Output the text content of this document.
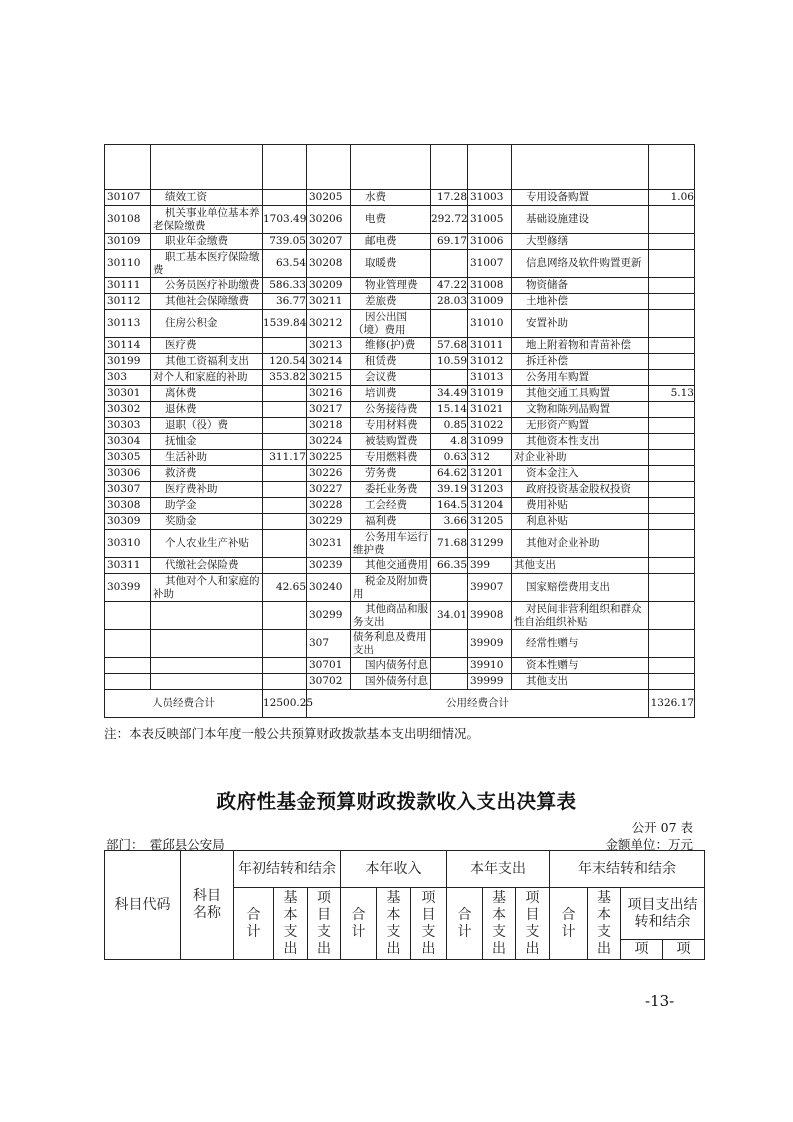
30107	绩效工资		30205	水费	17.28	31003	专用设备购置	1.06
30108	机关事业单位基本养老保险缴费	1703.49	30206	电费	292.72	31005	基础设施建设	
30109	职业年金缴费	739.05	30207	邮电费	69.17	31006	大型修缮	
30110	职工基本医疗保险缴费	63.54	30208	取暖费		31007	信息网络及软件购置更新	
30111	公务员医疗补助缴费	586.33	30209	物业管理费	47.22	31008	物资储备	
30112	其他社会保障缴费	36.77	30211	差旅费	28.03	31009	土地补偿	
30113	住房公积金	1539.84	30212	因公出国（境）费用		31010	安置补助	
30114	医疗费		30213	维修(护)费	57.68	31011	地上附着物和青苗补偿	
30199	其他工资福利支出	120.54	30214	租赁费	10.59	31012	拆迁补偿	
303	对个人和家庭的补助	353.82	30215	会议费		31013	公务用车购置	
30301	离休费		30216	培训费	34.49	31019	其他交通工具购置	5.13
30302	退休费		30217	公务接待费	15.14	31021	文物和陈列品购置	
30303	退职（役）费		30218	专用材料费	0.85	31022	无形资产购置	
30304	抚恤金		30224	被装购置费	4.8	31099	其他资本性支出	
30305	生活补助	311.17	30225	专用燃料费	0.63	312	对企业补助	
30306	救济费		30226	劳务费	64.62	31201	资本金注入	
30307	医疗费补助		30227	委托业务费	39.19	31203	政府投资基金股权投资	
30308	助学金		30228	工会经费	164.5	31204	费用补贴	
30309	奖励金		30229	福利费	3.66	31205	利息补贴	
30310	个人农业生产补贴		30231	公务用车运行维护费	71.68	31299	其他对企业补助	
30311	代缴社会保险费		30239	其他交通费用	66.35	399	其他支出	
30399	其他对个人和家庭的补助	42.65	30240	税金及附加费用		39907	国家赔偿费用支出	
			30299	其他商品和服务支出	34.01	39908	对民间非营利组织和群众性自治组织补贴	
			307	债务利息及费用支出		39909	经常性赠与	
			30701	国内债务付息		39910	资本性赠与	
			30702	国外债务付息		39999	其他支出	
人员经费合计		12500.25	公用经费合计					1326.17
注：本表反映部门本年度一般公共预算财政拨款基本支出明细情况。
政府性基金预算财政拨款收入支出决算表
公开 07 表
部门：　霍邱县公安局	金额单位：万元
科目代码	科目名称	年初结转和结余			本年收入			本年支出			年末结转和结余			
		合计	基本支出	项目支出	合计	基本支出	项目支出	合计	基本支出	项目支出	合计	基本支出	项目支出结转和结余	
													项	项
-13-
